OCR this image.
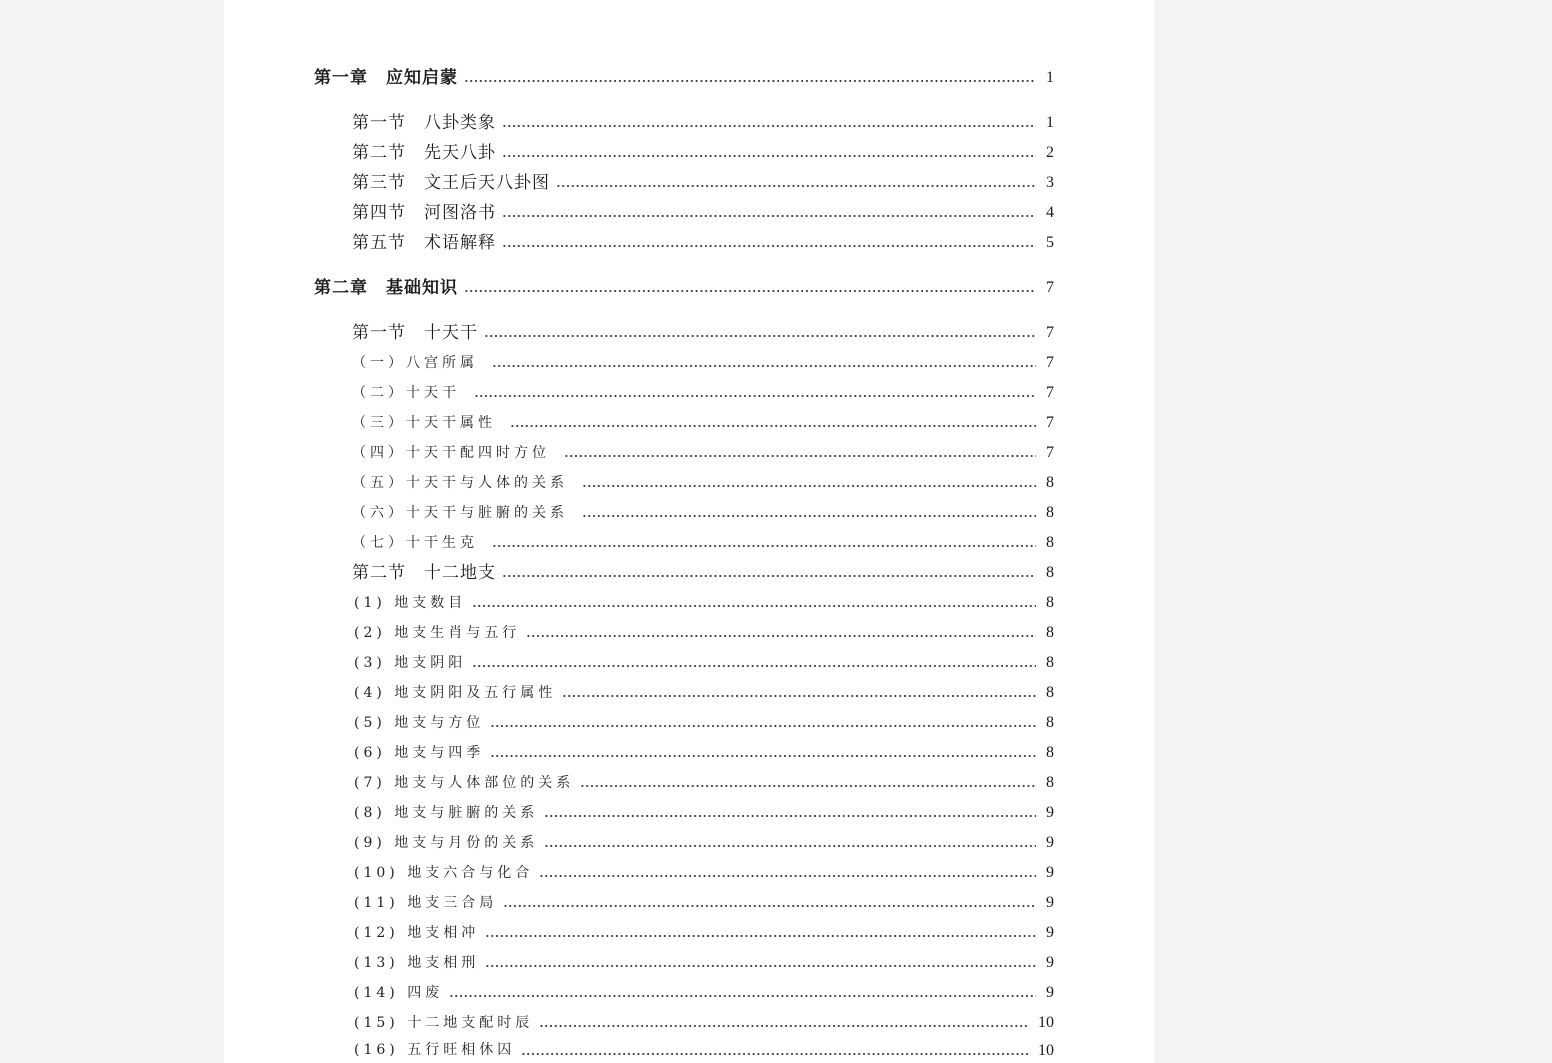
第一章　应知启蒙	1
第一节　八卦类象	1
第二节　先天八卦	2
第三节　文王后天八卦图	3
第四节　河图洛书	4
第五节　术语解释	5
第二章　基础知识	7
第一节　十天干	7
（一）八宫所属	7
（二）十天干	7
（三）十天干属性	7
（四）十天干配四时方位	7
（五）十天干与人体的关系	8
（六）十天干与脏腑的关系	8
（七）十干生克	8
第二节　十二地支	8
(1) 地支数目	8
(2) 地支生肖与五行	8
(3) 地支阴阳	8
(4) 地支阴阳及五行属性	8
(5) 地支与方位	8
(6) 地支与四季	8
(7) 地支与人体部位的关系	8
(8) 地支与脏腑的关系	9
(9) 地支与月份的关系	9
(10) 地支六合与化合	9
(11) 地支三合局	9
(12) 地支相冲	9
(13) 地支相刑	9
(14) 四废	9
(15) 十二地支配时辰	10
(16) 五行旺相休囚	10
